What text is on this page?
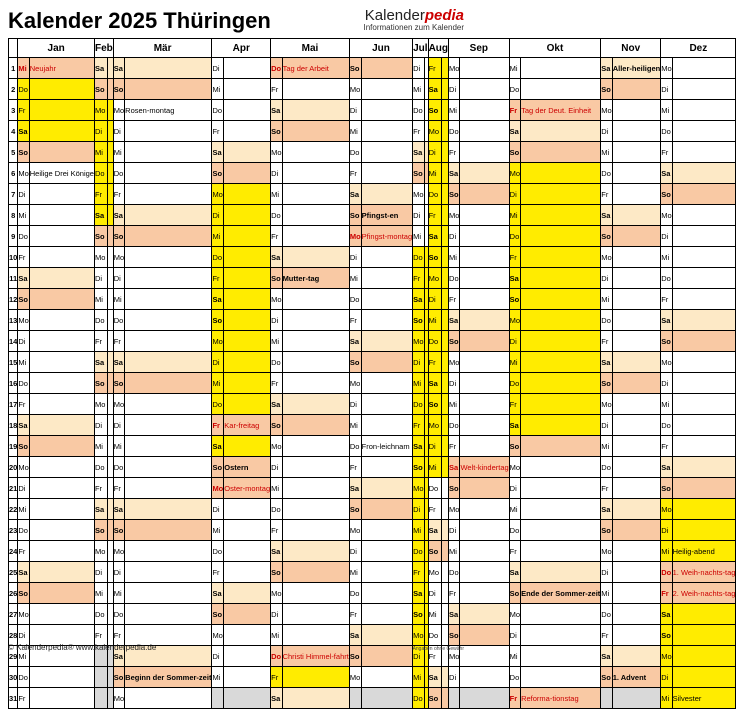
Kalender 2025 Thüringen	Kalenderpedia
Informationen zum Kalender
	Jan		Feb		Mär		Apr		Mai		Jun		Jul		Aug		Sep		Okt		Nov		Dez	
1	Mi	Neujahr	Sa		Sa		Di		Do	Tag der Arbeit	So		Di		Fr		Mo		Mi		Sa	Aller-heiligen	Mo	
2	Do		So		So		Mi		Fr		Mo		Mi		Sa		Di		Do		So		Di	
3	Fr		Mo		Mo	Rosen-montag	Do		Sa		Di		Do		So		Mi		Fr	Tag der Deut. Einheit	Mo		Mi	
4	Sa		Di		Di		Fr		So		Mi		Fr		Mo		Do		Sa		Di		Do	
5	So		Mi		Mi		Sa		Mo		Do		Sa		Di		Fr		So		Mi		Fr	
6	Mo	Heilige Drei Könige	Do		Do		So		Di		Fr		So		Mi		Sa		Mo		Do		Sa	
7	Di		Fr		Fr		Mo		Mi		Sa		Mo		Do		So		Di		Fr		So	
8	Mi		Sa		Sa		Di		Do		So	Pfingst-en	Di		Fr		Mo		Mi		Sa		Mo	
9	Do		So		So		Mi		Fr		Mo	Pfingst-montag	Mi		Sa		Di		Do		So		Di	
10	Fr		Mo		Mo		Do		Sa		Di		Do		So		Mi		Fr		Mo		Mi	
11	Sa		Di		Di		Fr		So	Mutter-tag	Mi		Fr		Mo		Do		Sa		Di		Do	
12	So		Mi		Mi		Sa		Mo		Do		Sa		Di		Fr		So		Mi		Fr	
13	Mo		Do		Do		So		Di		Fr		So		Mi		Sa		Mo		Do		Sa	
14	Di		Fr		Fr		Mo		Mi		Sa		Mo		Do		So		Di		Fr		So	
15	Mi		Sa		Sa		Di		Do		So		Di		Fr		Mo		Mi		Sa		Mo	
16	Do		So		So		Mi		Fr		Mo		Mi		Sa		Di		Do		So		Di	
17	Fr		Mo		Mo		Do		Sa		Di		Do		So		Mi		Fr		Mo		Mi	
18	Sa		Di		Di		Fr	Kar-freitag	So		Mi		Fr		Mo		Do		Sa		Di		Do	
19	So		Mi		Mi		Sa		Mo		Do	Fron-leichnam	Sa		Di		Fr		So		Mi		Fr	
20	Mo		Do		Do		So	Ostern	Di		Fr		So		Mi		Sa	Welt-kindertag	Mo		Do		Sa	
21	Di		Fr		Fr		Mo	Oster-montag	Mi		Sa		Mo		Do		So		Di		Fr		So	
22	Mi		Sa		Sa		Di		Do		So		Di		Fr		Mo		Mi		Sa		Mo	
23	Do		So		So		Mi		Fr		Mo		Mi		Sa		Di		Do		So		Di	
24	Fr		Mo		Mo		Do		Sa		Di		Do		So		Mi		Fr		Mo		Mi	Heilig-abend
25	Sa		Di		Di		Fr		So		Mi		Fr		Mo		Do		Sa		Di		Do	1. Weih-nachts-tag
26	So		Mi		Mi		Sa		Mo		Do		Sa		Di		Fr		So	Ende der Sommer-zeit	Mi		Fr	2. Weih-nachts-tag
27	Mo		Do		Do		So		Di		Fr		So		Mi		Sa		Mo		Do		Sa	
28	Di		Fr		Fr		Mo		Mi		Sa		Mo		Do		So		Di		Fr		So	
29	Mi				Sa		Di		Do	Christi Himmel-fahrt	So		Di		Fr		Mo		Mi		Sa		Mo	
30	Do				So	Beginn der Sommer-zeit	Mi		Fr		Mo		Mi		Sa		Di		Do		So	1. Advent	Di	
31	Fr				Mo				Sa				Do		So				Fr	Reforma-tionstag			Mi	Silvester
© Kalenderpedia® www.kalenderpedia.de	Angaben ohne Gewähr
